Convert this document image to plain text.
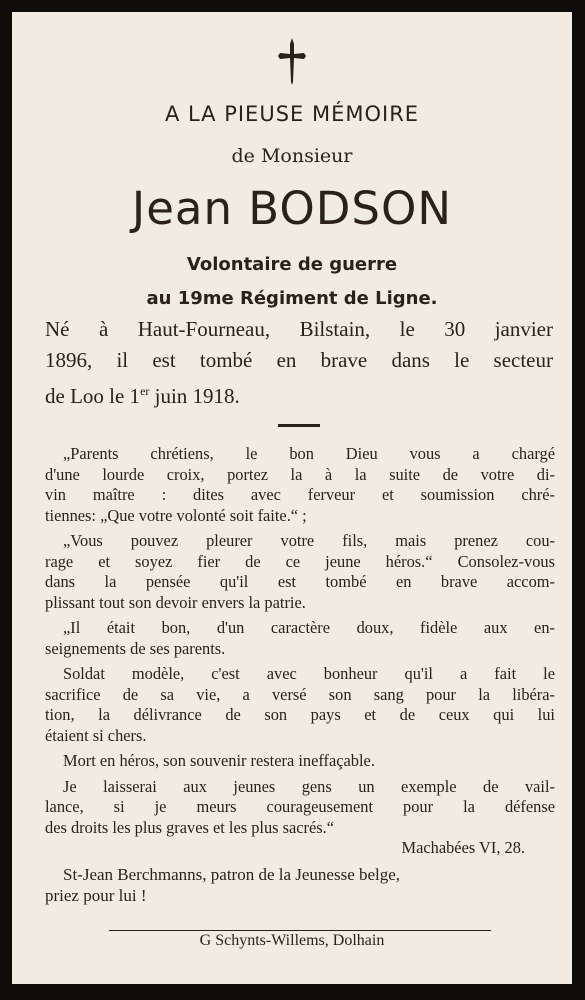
A LA PIEUSE MÉMOIRE
de Monsieur
Jean BODSON
Volontaire de guerre
au 19me Régiment de Ligne.
Né à Haut-Fourneau, Bilstain, le 30 janvier
1896, il est tombé en brave dans le secteur
de Loo le 1er juin 1918.
„Parents chrétiens, le bon Dieu vous a chargé
d'une lourde croix, portez la à la suite de votre di-
vin maître : dites avec ferveur et soumission chré-
tiennes: „Que votre volonté soit faite.“ ;
„Vous pouvez pleurer votre fils, mais prenez cou-
rage et soyez fier de ce jeune héros.“ Consolez-vous
dans la pensée qu'il est tombé en brave accom-
plissant tout son devoir envers la patrie.
„Il était bon, d'un caractère doux, fidèle aux en-
seignements de ses parents.
Soldat modèle, c'est avec bonheur qu'il a fait le
sacrifice de sa vie, a versé son sang pour la libéra-
tion, la délivrance de son pays et de ceux qui lui
étaient si chers.
Mort en héros, son souvenir restera ineffaçable.
Je laisserai aux jeunes gens un exemple de vail-
lance, si je meurs courageusement pour la défense
des droits les plus graves et les plus sacrés.“
Machabées VI, 28.
St-Jean Berchmanns, patron de la Jeunesse belge,
priez pour lui !
G Schynts-Willems, Dolhain
